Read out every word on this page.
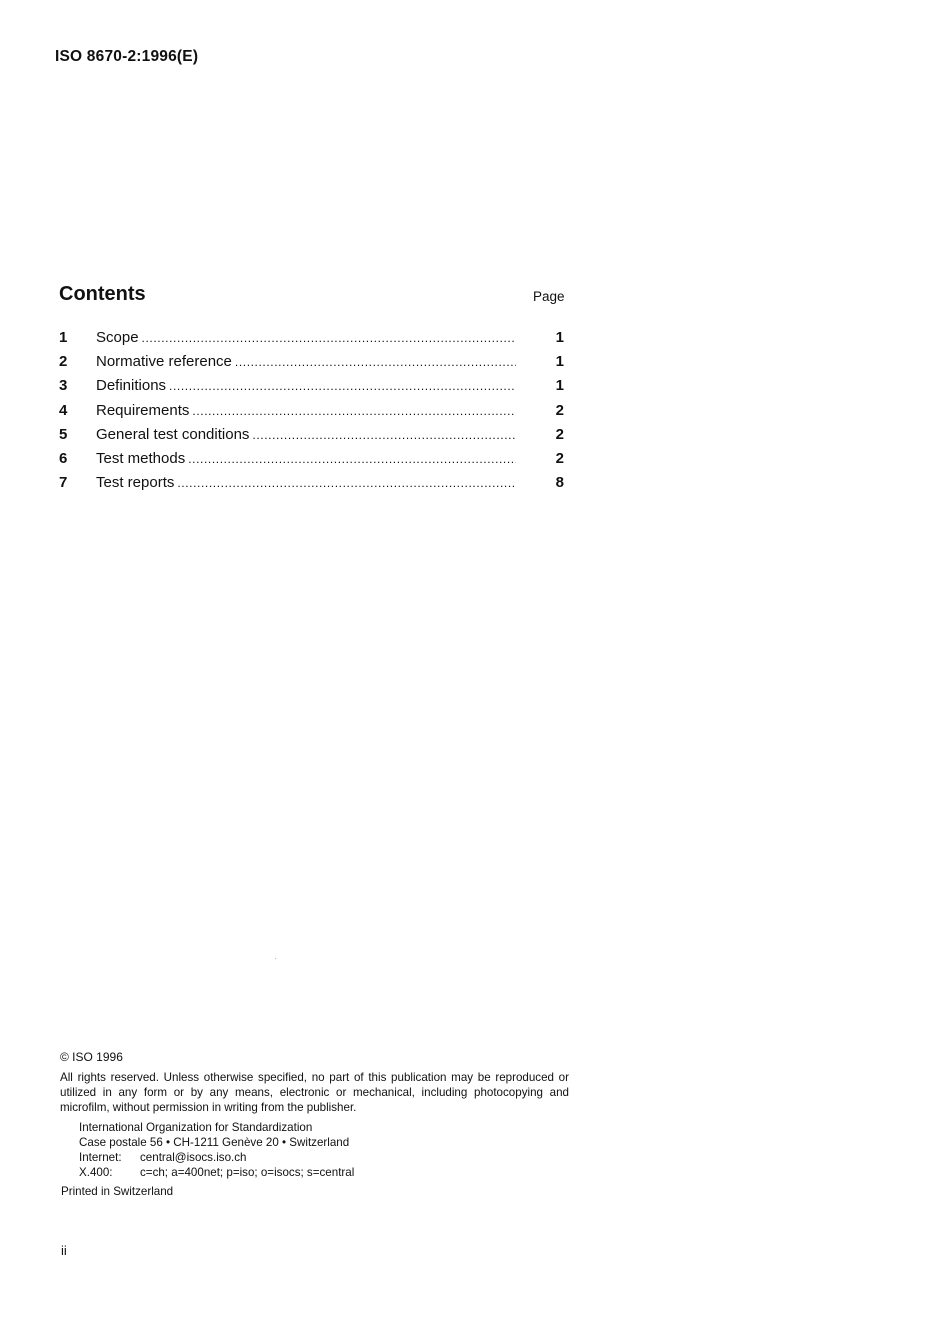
ISO 8670-2:1996(E)
Contents	Page
1	Scope .....	1
2	Normative reference .....	1
3	Definitions .....	1
4	Requirements .....	2
5	General test conditions .....	2
6	Test methods .....	2
7	Test reports .....	8
© ISO 1996
All rights reserved. Unless otherwise specified, no part of this publication may be reproduced or utilized in any form or by any means, electronic or mechanical, including photocopying and microfilm, without permission in writing from the publisher.
International Organization for Standardization
Case postale 56 • CH-1211 Genève 20 • Switzerland
Internet: central@isocs.iso.ch
X.400: c=ch; a=400net; p=iso; o=isocs; s=central
Printed in Switzerland
ii
